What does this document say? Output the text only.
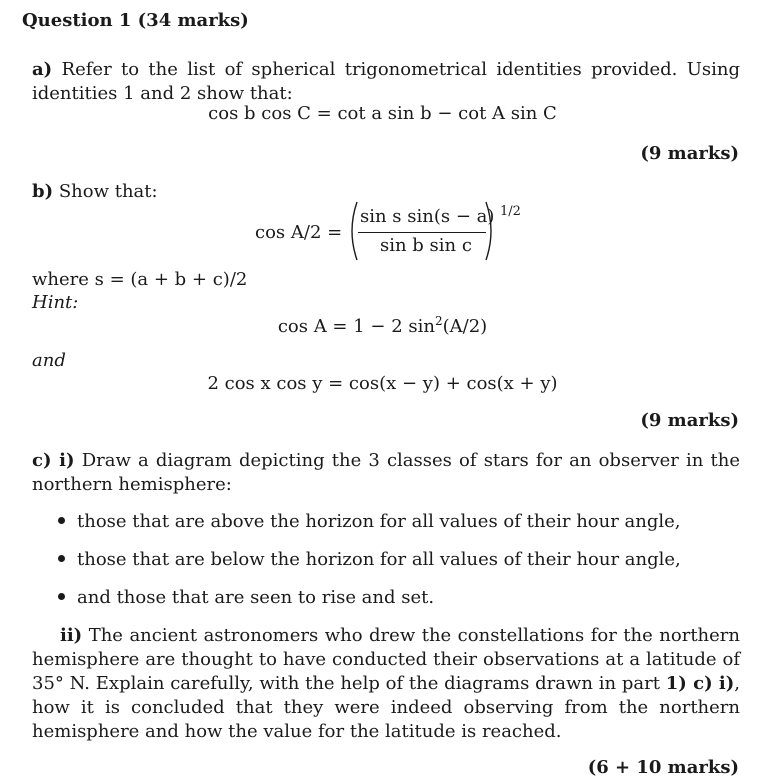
Question 1 (34 marks)
a) Refer to the list of spherical trigonometrical identities provided. Using identities 1 and 2 show that:
cos b cos C = cot a sin b − cot A sin C
(9 marks)
b) Show that:
cos A/2 =
sin s sin(s − a)
sin b sin c
1/2
where s = (a + b + c)/2
Hint:
cos A = 1 − 2 $\sin^2(A/2)$
and
2 cos x cos y = cos(x − y) + cos(x + y)
(9 marks)
c) i) Draw a diagram depicting the 3 classes of stars for an observer in the northern hemisphere:
those that are above the horizon for all values of their hour angle,
those that are below the horizon for all values of their hour angle,
and those that are seen to rise and set.
ii) The ancient astronomers who drew the constellations for the northern hemisphere are thought to have conducted their observations at a latitude of 35° N. Explain carefully, with the help of the diagrams drawn in part 1) c) i), how it is concluded that they were indeed observing from the northern hemisphere and how the value for the latitude is reached.
(6 + 10 marks)
